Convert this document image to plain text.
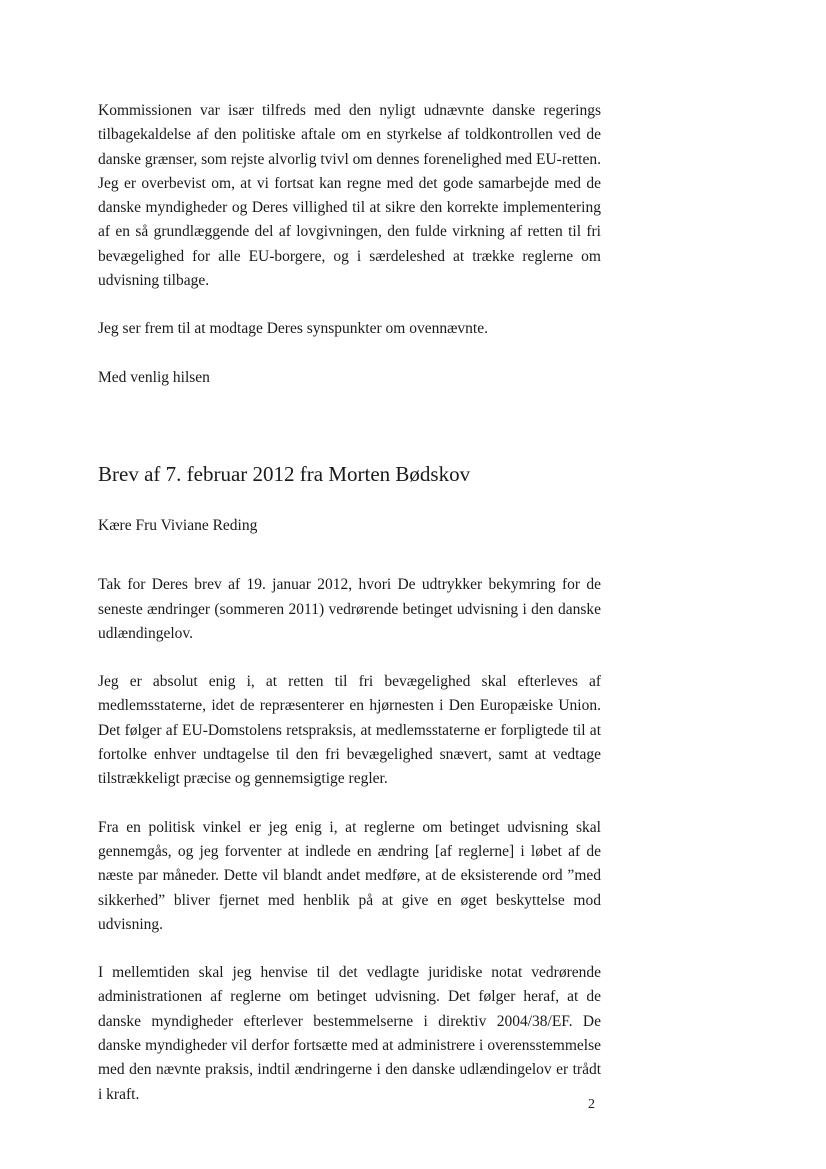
Kommissionen var især tilfreds med den nyligt udnævnte danske regerings tilbagekaldelse af den politiske aftale om en styrkelse af toldkontrollen ved de danske grænser, som rejste alvorlig tvivl om dennes forenelighed med EU-retten. Jeg er overbevist om, at vi fortsat kan regne med det gode samarbejde med de danske myndigheder og Deres villighed til at sikre den korrekte implementering af en så grundlæggende del af lovgivningen, den fulde virkning af retten til fri bevægelighed for alle EU-borgere, og i særdeleshed at trække reglerne om udvisning tilbage.

Jeg ser frem til at modtage Deres synspunkter om ovennævnte.

Med venlig hilsen

Brev af 7. februar 2012 fra Morten Bødskov

Kære Fru Viviane Reding

Tak for Deres brev af 19. januar 2012, hvori De udtrykker bekymring for de seneste ændringer (sommeren 2011) vedrørende betinget udvisning i den danske udlændingelov.

Jeg er absolut enig i, at retten til fri bevægelighed skal efterleves af medlemsstaterne, idet de repræsenterer en hjørnesten i Den Europæiske Union. Det følger af EU-Domstolens retspraksis, at medlemsstaterne er forpligtede til at fortolke enhver undtagelse til den fri bevægelighed snævert, samt at vedtage tilstrækkeligt præcise og gennemsigtige regler.

Fra en politisk vinkel er jeg enig i, at reglerne om betinget udvisning skal gennemgås, og jeg forventer at indlede en ændring [af reglerne] i løbet af de næste par måneder. Dette vil blandt andet medføre, at de eksisterende ord ”med sikkerhed” bliver fjernet med henblik på at give en øget beskyttelse mod udvisning.

I mellemtiden skal jeg henvise til det vedlagte juridiske notat vedrørende administrationen af reglerne om betinget udvisning. Det følger heraf, at de danske myndigheder efterlever bestemmelserne i direktiv 2004/38/EF. De danske myndigheder vil derfor fortsætte med at administrere i overensstemmelse med den nævnte praksis, indtil ændringerne i den danske udlændingelov er trådt i kraft.

2
